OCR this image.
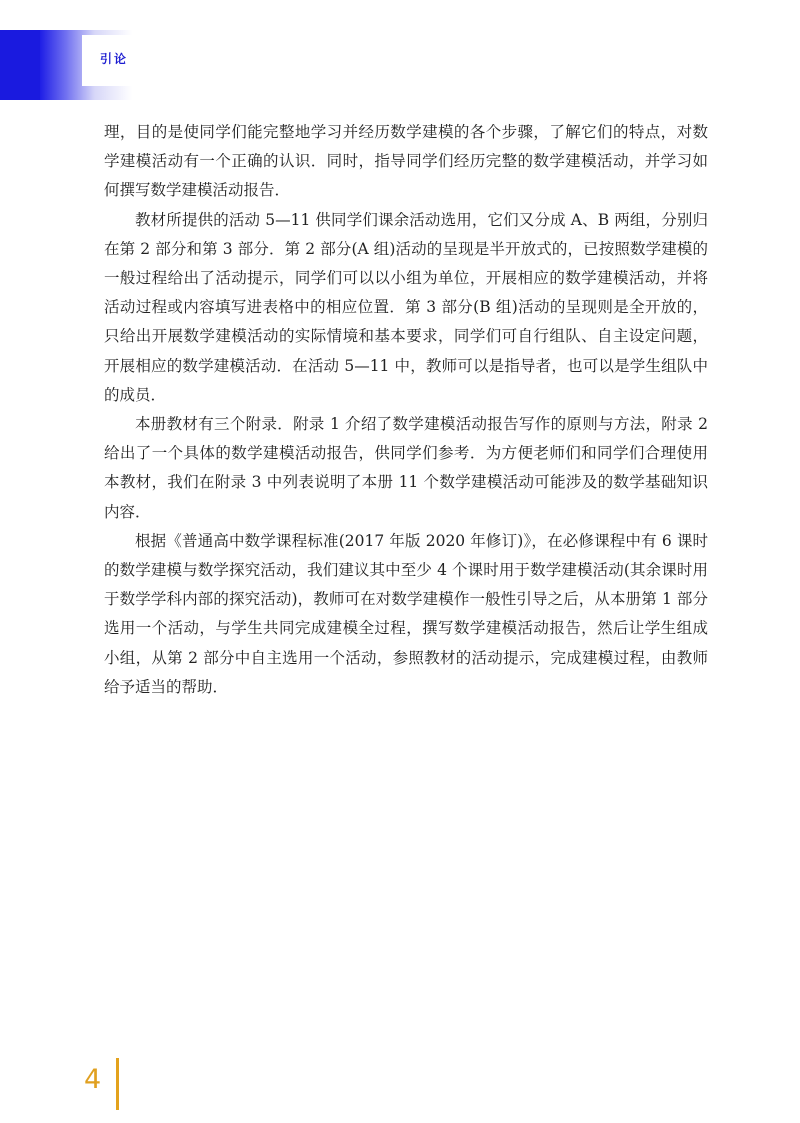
引论

理，目的是使同学们能完整地学习并经历数学建模的各个步骤，了解它们的特点，对数学建模活动有一个正确的认识．同时，指导同学们经历完整的数学建模活动，并学习如何撰写数学建模活动报告．

教材所提供的活动 5—11 供同学们课余活动选用，它们又分成 A、B 两组，分别归在第 2 部分和第 3 部分．第 2 部分(A 组)活动的呈现是半开放式的，已按照数学建模的一般过程给出了活动提示，同学们可以以小组为单位，开展相应的数学建模活动，并将活动过程或内容填写进表格中的相应位置．第 3 部分(B 组)活动的呈现则是全开放的，只给出开展数学建模活动的实际情境和基本要求，同学们可自行组队、自主设定问题，开展相应的数学建模活动．在活动 5—11 中，教师可以是指导者，也可以是学生组队中的成员．

本册教材有三个附录．附录 1 介绍了数学建模活动报告写作的原则与方法，附录 2 给出了一个具体的数学建模活动报告，供同学们参考．为方便老师们和同学们合理使用本教材，我们在附录 3 中列表说明了本册 11 个数学建模活动可能涉及的数学基础知识内容．

根据《普通高中数学课程标准(2017 年版 2020 年修订)》，在必修课程中有 6 课时的数学建模与数学探究活动，我们建议其中至少 4 个课时用于数学建模活动(其余课时用于数学学科内部的探究活动)，教师可在对数学建模作一般性引导之后，从本册第 1 部分选用一个活动，与学生共同完成建模全过程，撰写数学建模活动报告，然后让学生组成小组，从第 2 部分中自主选用一个活动，参照教材的活动提示，完成建模过程，由教师给予适当的帮助．

4
